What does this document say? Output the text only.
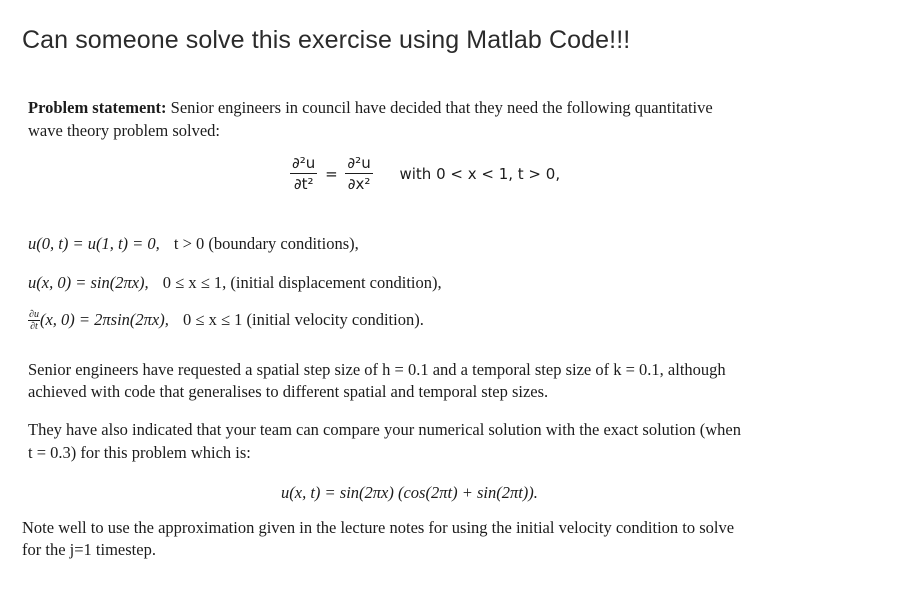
Can someone solve this exercise using Matlab Code!!!
Problem statement: Senior engineers in council have decided that they need the following quantitative
wave theory problem solved:
$\frac{\text{∂²u}}{\text{∂t²}} = \frac{\text{∂²u}}{\text{∂x²}}$ with 0 < x < 1, t > 0,
u(0, t) = u(1, t) = 0, t > 0 (boundary conditions),
u(x, 0) = sin(2πx), 0 ≤ x ≤ 1, (initial displacement condition),
$\frac{\partial u}{\partial t} (x$, 0) = 2πsin(2πx), 0 ≤ x ≤ 1 (initial velocity condition).
Senior engineers have requested a spatial step size of h = 0.1 and a temporal step size of k = 0.1, although
achieved with code that generalises to different spatial and temporal step sizes.
They have also indicated that your team can compare your numerical solution with the exact solution (when
t = 0.3) for this problem which is:
u(x, t) = sin(2πx) (cos(2πt) + sin(2πt)).
Note well to use the approximation given in the lecture notes for using the initial velocity condition to solve
for the j=1 timestep.
